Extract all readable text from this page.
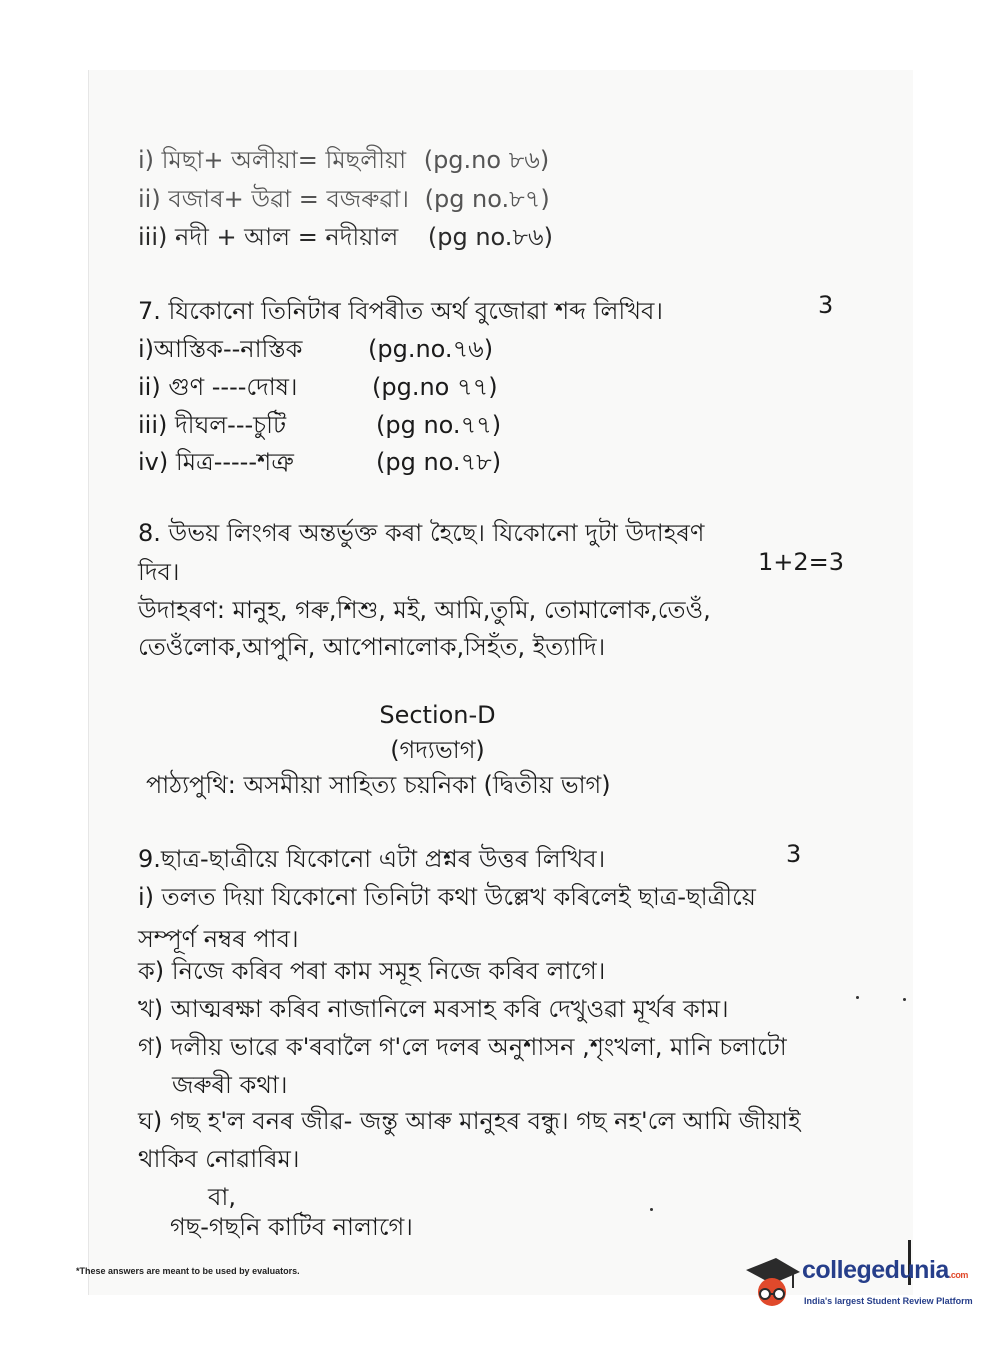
i) মিছা+ অলীয়া= মিছলীয়া (pg.no ৮৬)
ii) বজাৰ+ উৱা = বজৰুৱা। (pg no.৮৭)
iii) নদী + আল = নদীয়াল (pg no.৮৬)
7. যিকোনো তিনিটাৰ বিপৰীত অৰ্থ বুজোৱা শব্দ লিখিব।	3
i)আস্তিক--নাস্তিক	(pg.no.৭৬)
ii) গুণ ----দোষ।	(pg.no ৭৭)
iii) দীঘল---চুটি	(pg no.৭৭)
iv) মিত্ৰ-----শত্ৰু	(pg no.৭৮)
8. উভয় লিংগৰ অন্তৰ্ভুক্ত কৰা হৈছে। যিকোনো দুটা উদাহৰণ
দিব।	1+2=3
উদাহৰণ: মানুহ, গৰু,শিশু, মই, আমি,তুমি, তোমালোক,তেওঁ,
তেওঁলোক,আপুনি, আপোনালোক,সিহঁত, ইত্যাদি।
Section-D
(গদ্যভাগ)
পাঠ্যপুথি: অসমীয়া সাহিত্য চয়নিকা (দ্বিতীয় ভাগ)
9.ছাত্ৰ-ছাত্ৰীয়ে যিকোনো এটা প্ৰশ্নৰ উত্তৰ লিখিব।	3
i) তলত দিয়া যিকোনো তিনিটা কথা উল্লেখ কৰিলেই ছাত্ৰ-ছাত্ৰীয়ে
সম্পূৰ্ণ নম্বৰ পাব।
ক) নিজে কৰিব পৰা কাম সমূহ নিজে কৰিব লাগে।
খ) আত্মৰক্ষা কৰিব নাজানিলে মৰসাহ কৰি দেখুওৱা মূৰ্খৰ কাম।
গ) দলীয় ভাৱে ক'ৰবালৈ গ'লে দলৰ অনুশাসন ,শৃংখলা, মানি চলাটো
জৰুৰী কথা।
ঘ) গছ হ'ল বনৰ জীৱ- জন্তু আৰু মানুহৰ বন্ধু। গছ নহ'লে আমি জীয়াই
থাকিব নোৱাৰিম।
বা,
গছ-গছনি কাটিব নালাগে।
*These answers are meant to be used by evaluators.	collegedunia.com
India's largest Student Review Platform
